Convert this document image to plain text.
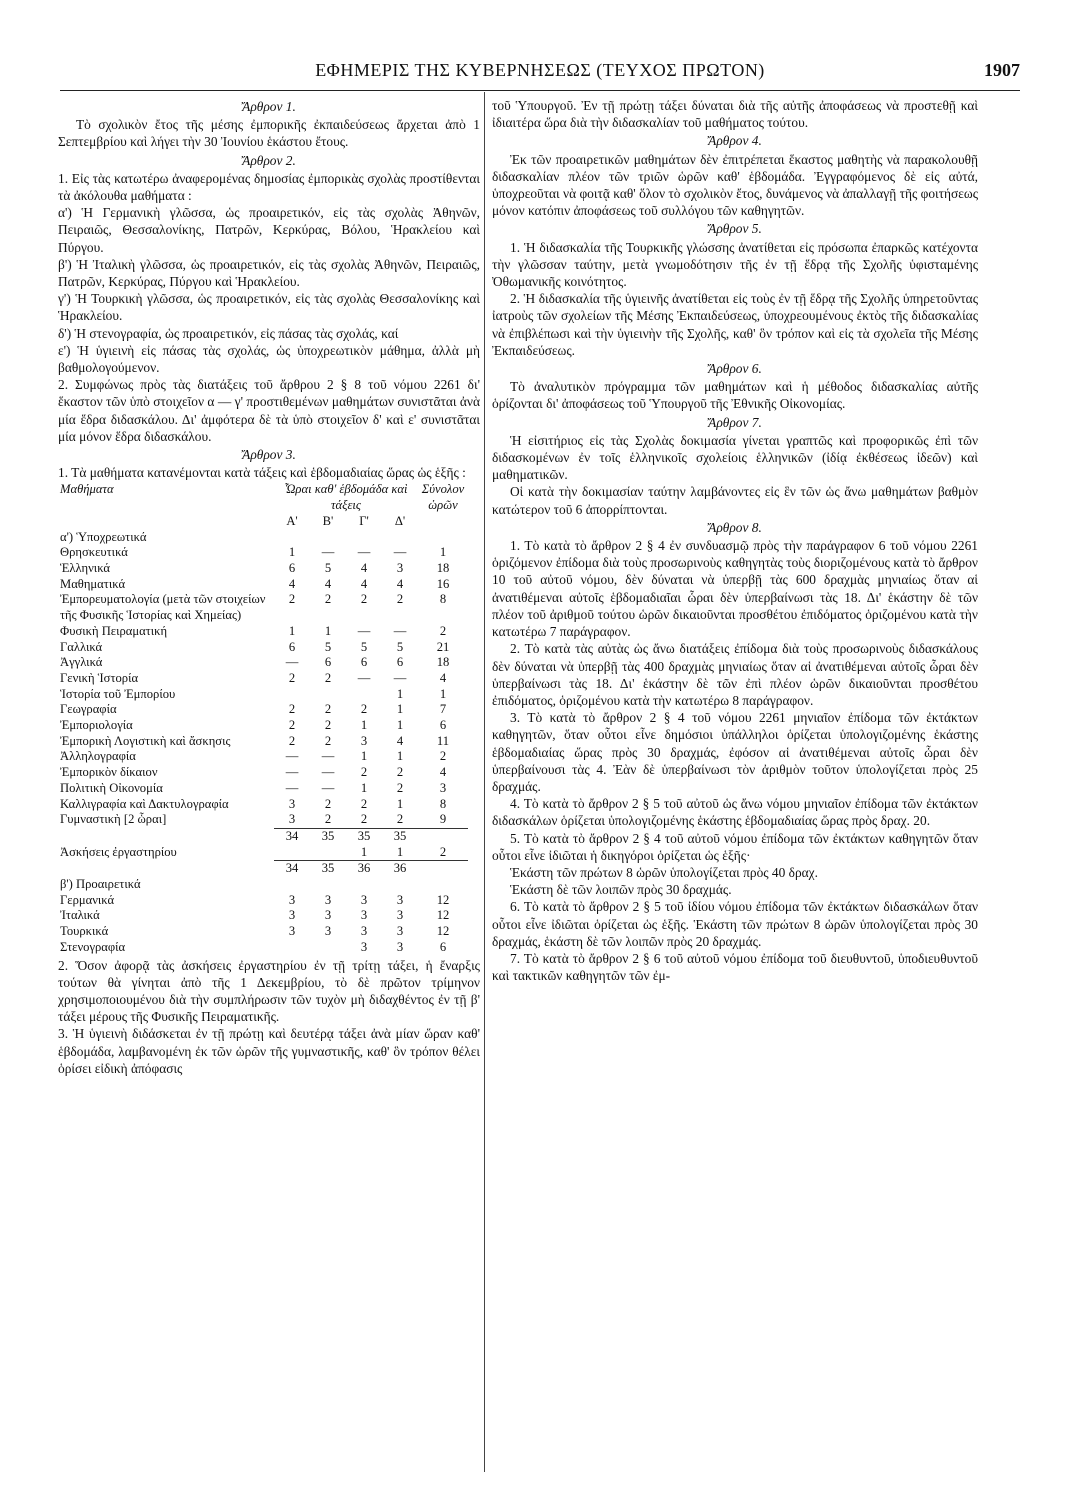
ΕΦΗΜΕΡΙΣ ΤΗΣ ΚΥΒΕΡΝΗΣΕΩΣ (ΤΕΥΧΟΣ ΠΡΩΤΟΝ)	1907
Ἄρθρον 1.

Τὸ σχολικὸν ἔτος τῆς μέσης ἐμπορικῆς ἐκπαιδεύσεως ἄρχεται ἀπὸ 1 Σεπτεμβρίου καὶ λήγει τὴν 30 Ἰουνίου ἑκάστου ἔτους.

Ἄρθρον 2.

1. Εἰς τὰς κατωτέρω ἀναφερομένας δημοσίας ἐμπορικὰς σχολὰς προστίθενται τὰ ἀκόλουθα μαθήματα :

α') Ἡ Γερμανικὴ γλῶσσα, ὡς προαιρετικόν, εἰς τὰς σχολὰς Ἀθηνῶν, Πειραιῶς, Θεσσαλονίκης, Πατρῶν, Κερκύρας, Βόλου, Ἡρακλείου καὶ Πύργου.

β') Ἡ Ἰταλικὴ γλῶσσα, ὡς προαιρετικόν, εἰς τὰς σχολὰς Ἀθηνῶν, Πειραιῶς, Πατρῶν, Κερκύρας, Πύργου καὶ Ἡρακλείου.

γ') Ἡ Τουρκικὴ γλῶσσα, ὡς προαιρετικόν, εἰς τὰς σχολὰς Θεσσαλονίκης καὶ Ἡρακλείου.

δ') Ἡ στενογραφία, ὡς προαιρετικόν, εἰς πάσας τὰς σχολάς, καί

ε') Ἡ ὑγιεινὴ εἰς πάσας τὰς σχολάς, ὡς ὑποχρεωτικὸν μάθημα, ἀλλὰ μὴ βαθμολογούμενον.

2. Συμφώνως πρὸς τὰς διατάξεις τοῦ ἄρθρου 2 § 8 τοῦ νόμου 2261 δι' ἕκαστον τῶν ὑπὸ στοιχεῖον α — γ' προστιθεμένων μαθημάτων συνιστᾶται ἀνὰ μία ἕδρα διδασκάλου. Δι' ἀμφότερα δὲ τὰ ὑπὸ στοιχεῖον δ' καὶ ε' συνιστᾶται μία μόνον ἕδρα διδασκάλου.

Ἄρθρον 3.

1. Τὰ μαθήματα κατανέμονται κατὰ τάξεις καὶ ἑβδομαδιαίας ὥρας ὡς ἑξῆς :

Μαθήματα	Ὧραι καθ' ἑβδομάδα καὶ τάξεις				Σύνολον ὡρῶν
	Α'	Β'	Γ'	Δ'	
α') Ὑποχρεωτικά					
Θρησκευτικά	1	—	—	—	1
Ἑλληνικά	6	5	4	3	18
Μαθηματικά	4	4	4	4	16
Ἐμπορευματολογία (μετὰ τῶν στοιχείων τῆς Φυσικῆς Ἱστορίας καὶ Χημείας)	2	2	2	2	8
Φυσικὴ Πειραματική	1	1	—	—	2
Γαλλικά	6	5	5	5	21
Ἀγγλικά	—	6	6	6	18
Γενικὴ Ἱστορία	2	2	—	—	4
Ἱστορία τοῦ Ἐμπορίου				1	1
Γεωγραφία	2	2	2	1	7
Ἐμποριολογία	2	2	1	1	6
Ἐμπορικὴ Λογιστικὴ καὶ ἄσκησις	2	2	3	4	11
Ἀλληλογραφία	—	—	1	1	2
Ἐμπορικὸν δίκαιον	—	—	2	2	4
Πολιτικὴ Οἰκονομία	—	—	1	2	3
Καλλιγραφία καὶ Δακτυλογραφία	3	2	2	1	8
Γυμναστικὴ [2 ὧραι]	3	2	2	2	9
	34	35	35	35	
Ἀσκήσεις ἐργαστηρίου			1	1	2
	34	35	36	36	
β') Προαιρετικά					
Γερμανικά	3	3	3	3	12
Ἰταλικά	3	3	3	3	12
Τουρκικά	3	3	3	3	12
Στενογραφία			3	3	6

2. Ὅσον ἀφορᾷ τὰς ἀσκήσεις ἐργαστηρίου ἐν τῇ τρίτῃ τάξει, ἡ ἔναρξις τούτων θὰ γίνηται ἀπὸ τῆς 1 Δεκεμβρίου, τὸ δὲ πρῶτον τρίμηνον χρησιμοποιουμένου διὰ τὴν συμπλήρωσιν τῶν τυχὸν μὴ διδαχθέντος ἐν τῇ β' τάξει μέρους τῆς Φυσικῆς Πειραματικῆς.

3. Ἡ ὑγιεινὴ διδάσκεται ἐν τῇ πρώτῃ καὶ δευτέρᾳ τάξει ἀνὰ μίαν ὥραν καθ' ἑβδομάδα, λαμβανομένη ἐκ τῶν ὡρῶν τῆς γυμναστικῆς, καθ' ὃν τρόπον θέλει ὁρίσει εἰδικὴ ἀπόφασις

τοῦ Ὑπουργοῦ. Ἐν τῇ πρώτῃ τάξει δύναται διὰ τῆς αὐτῆς ἀποφάσεως νὰ προστεθῇ καὶ ἰδιαιτέρα ὥρα διὰ τὴν διδασκαλίαν τοῦ μαθήματος τούτου.

Ἄρθρον 4.

Ἐκ τῶν προαιρετικῶν μαθημάτων δὲν ἐπιτρέπεται ἕκαστος μαθητὴς νὰ παρακολουθῇ διδασκαλίαν πλέον τῶν τριῶν ὡρῶν καθ' ἑβδομάδα. Ἐγγραφόμενος δὲ εἰς αὐτά, ὑποχρεοῦται νὰ φοιτᾷ καθ' ὅλον τὸ σχολικὸν ἔτος, δυνάμενος νὰ ἀπαλλαγῇ τῆς φοιτήσεως μόνον κατόπιν ἀποφάσεως τοῦ συλλόγου τῶν καθηγητῶν.

Ἄρθρον 5.

1. Ἡ διδασκαλία τῆς Τουρκικῆς γλώσσης ἀνατίθεται εἰς πρόσωπα ἐπαρκῶς κατέχοντα τὴν γλῶσσαν ταύτην, μετὰ γνωμοδότησιν τῆς ἐν τῇ ἕδρᾳ τῆς Σχολῆς ὑφισταμένης Ὀθωμανικῆς κοινότητος.

2. Ἡ διδασκαλία τῆς ὑγιεινῆς ἀνατίθεται εἰς τοὺς ἐν τῇ ἕδρᾳ τῆς Σχολῆς ὑπηρετοῦντας ἰατροὺς τῶν σχολείων τῆς Μέσης Ἐκπαιδεύσεως, ὑποχρεουμένους ἐκτὸς τῆς διδασκαλίας νὰ ἐπιβλέπωσι καὶ τὴν ὑγιεινὴν τῆς Σχολῆς, καθ' ὃν τρόπον καὶ εἰς τὰ σχολεῖα τῆς Μέσης Ἐκπαιδεύσεως.

Ἄρθρον 6.

Τὸ ἀναλυτικὸν πρόγραμμα τῶν μαθημάτων καὶ ἡ μέθοδος διδασκαλίας αὐτῆς ὁρίζονται δι' ἀποφάσεως τοῦ Ὑπουργοῦ τῆς Ἐθνικῆς Οἰκονομίας.

Ἄρθρον 7.

Ἡ εἰσιτήριος εἰς τὰς Σχολὰς δοκιμασία γίνεται γραπτῶς καὶ προφορικῶς ἐπὶ τῶν διδασκομένων ἐν τοῖς ἑλληνικοῖς σχολείοις ἑλληνικῶν (ἰδίᾳ ἐκθέσεως ἰδεῶν) καὶ μαθηματικῶν.

Οἱ κατὰ τὴν δοκιμασίαν ταύτην λαμβάνοντες εἰς ἓν τῶν ὡς ἄνω μαθημάτων βαθμὸν κατώτερον τοῦ 6 ἀπορρίπτονται.

Ἄρθρον 8.

1. Τὸ κατὰ τὸ ἄρθρον 2 § 4 ἐν συνδυασμῷ πρὸς τὴν παράγραφον 6 τοῦ νόμου 2261 ὁριζόμενον ἐπίδομα διὰ τοὺς προσωρινοὺς καθηγητὰς τοὺς διοριζομένους κατὰ τὸ ἄρθρον 10 τοῦ αὐτοῦ νόμου, δὲν δύναται νὰ ὑπερβῇ τὰς 600 δραχμὰς μηνιαίως ὅταν αἱ ἀνατιθέμεναι αὐτοῖς ἑβδομαδιαῖαι ὧραι δὲν ὑπερβαίνωσι τὰς 18. Δι' ἑκάστην δὲ τῶν πλέον τοῦ ἀριθμοῦ τούτου ὡρῶν δικαιοῦνται προσθέτου ἐπιδόματος ὁριζομένου κατὰ τὴν κατωτέρω 7 παράγραφον.

2. Τὸ κατὰ τὰς αὐτὰς ὡς ἄνω διατάξεις ἐπίδομα διὰ τοὺς προσωρινοὺς διδασκάλους δὲν δύναται νὰ ὑπερβῇ τὰς 400 δραχμὰς μηνιαίως ὅταν αἱ ἀνατιθέμεναι αὐτοῖς ὧραι δὲν ὑπερβαίνωσι τὰς 18. Δι' ἑκάστην δὲ τῶν ἐπὶ πλέον ὡρῶν δικαιοῦνται προσθέτου ἐπιδόματος, ὁριζομένου κατὰ τὴν κατωτέρω 8 παράγραφον.

3. Τὸ κατὰ τὸ ἄρθρον 2 § 4 τοῦ νόμου 2261 μηνιαῖον ἐπίδομα τῶν ἐκτάκτων καθηγητῶν, ὅταν οὗτοι εἶνε δημόσιοι ὑπάλληλοι ὁρίζεται ὑπολογιζομένης ἑκάστης ἑβδομαδιαίας ὥρας πρὸς 30 δραχμάς, ἐφόσον αἱ ἀνατιθέμεναι αὐτοῖς ὧραι δὲν ὑπερβαίνουσι τὰς 4. Ἐὰν δὲ ὑπερβαίνωσι τὸν ἀριθμὸν τοῦτον ὑπολογίζεται πρὸς 25 δραχμάς.

4. Τὸ κατὰ τὸ ἄρθρον 2 § 5 τοῦ αὐτοῦ ὡς ἄνω νόμου μηνιαῖον ἐπίδομα τῶν ἐκτάκτων διδασκάλων ὁρίζεται ὑπολογιζομένης ἑκάστης ἑβδομαδιαίας ὥρας πρὸς δραχ. 20.

5. Τὸ κατὰ τὸ ἄρθρον 2 § 4 τοῦ αὐτοῦ νόμου ἐπίδομα τῶν ἐκτάκτων καθηγητῶν ὅταν οὗτοι εἶνε ἰδιῶται ἡ δικηγόροι ὁρίζεται ὡς ἑξῆς·

Ἑκάστη τῶν πρώτων 8 ὡρῶν ὑπολογίζεται πρὸς 40 δραχ.

Ἑκάστη δὲ τῶν λοιπῶν πρὸς 30 δραχμάς.

6. Τὸ κατὰ τὸ ἄρθρον 2 § 5 τοῦ ἰδίου νόμου ἐπίδομα τῶν ἐκτάκτων διδασκάλων ὅταν οὗτοι εἶνε ἰδιῶται ὁρίζεται ὡς ἑξῆς. Ἑκάστη τῶν πρώτων 8 ὡρῶν ὑπολογίζεται πρὸς 30 δραχμάς, ἑκάστη δὲ τῶν λοιπῶν πρὸς 20 δραχμάς.

7. Τὸ κατὰ τὸ ἄρθρον 2 § 6 τοῦ αὐτοῦ νόμου ἐπίδομα τοῦ διευθυντοῦ, ὑποδιευθυντοῦ καὶ τακτικῶν καθηγητῶν τῶν ἐμ-
